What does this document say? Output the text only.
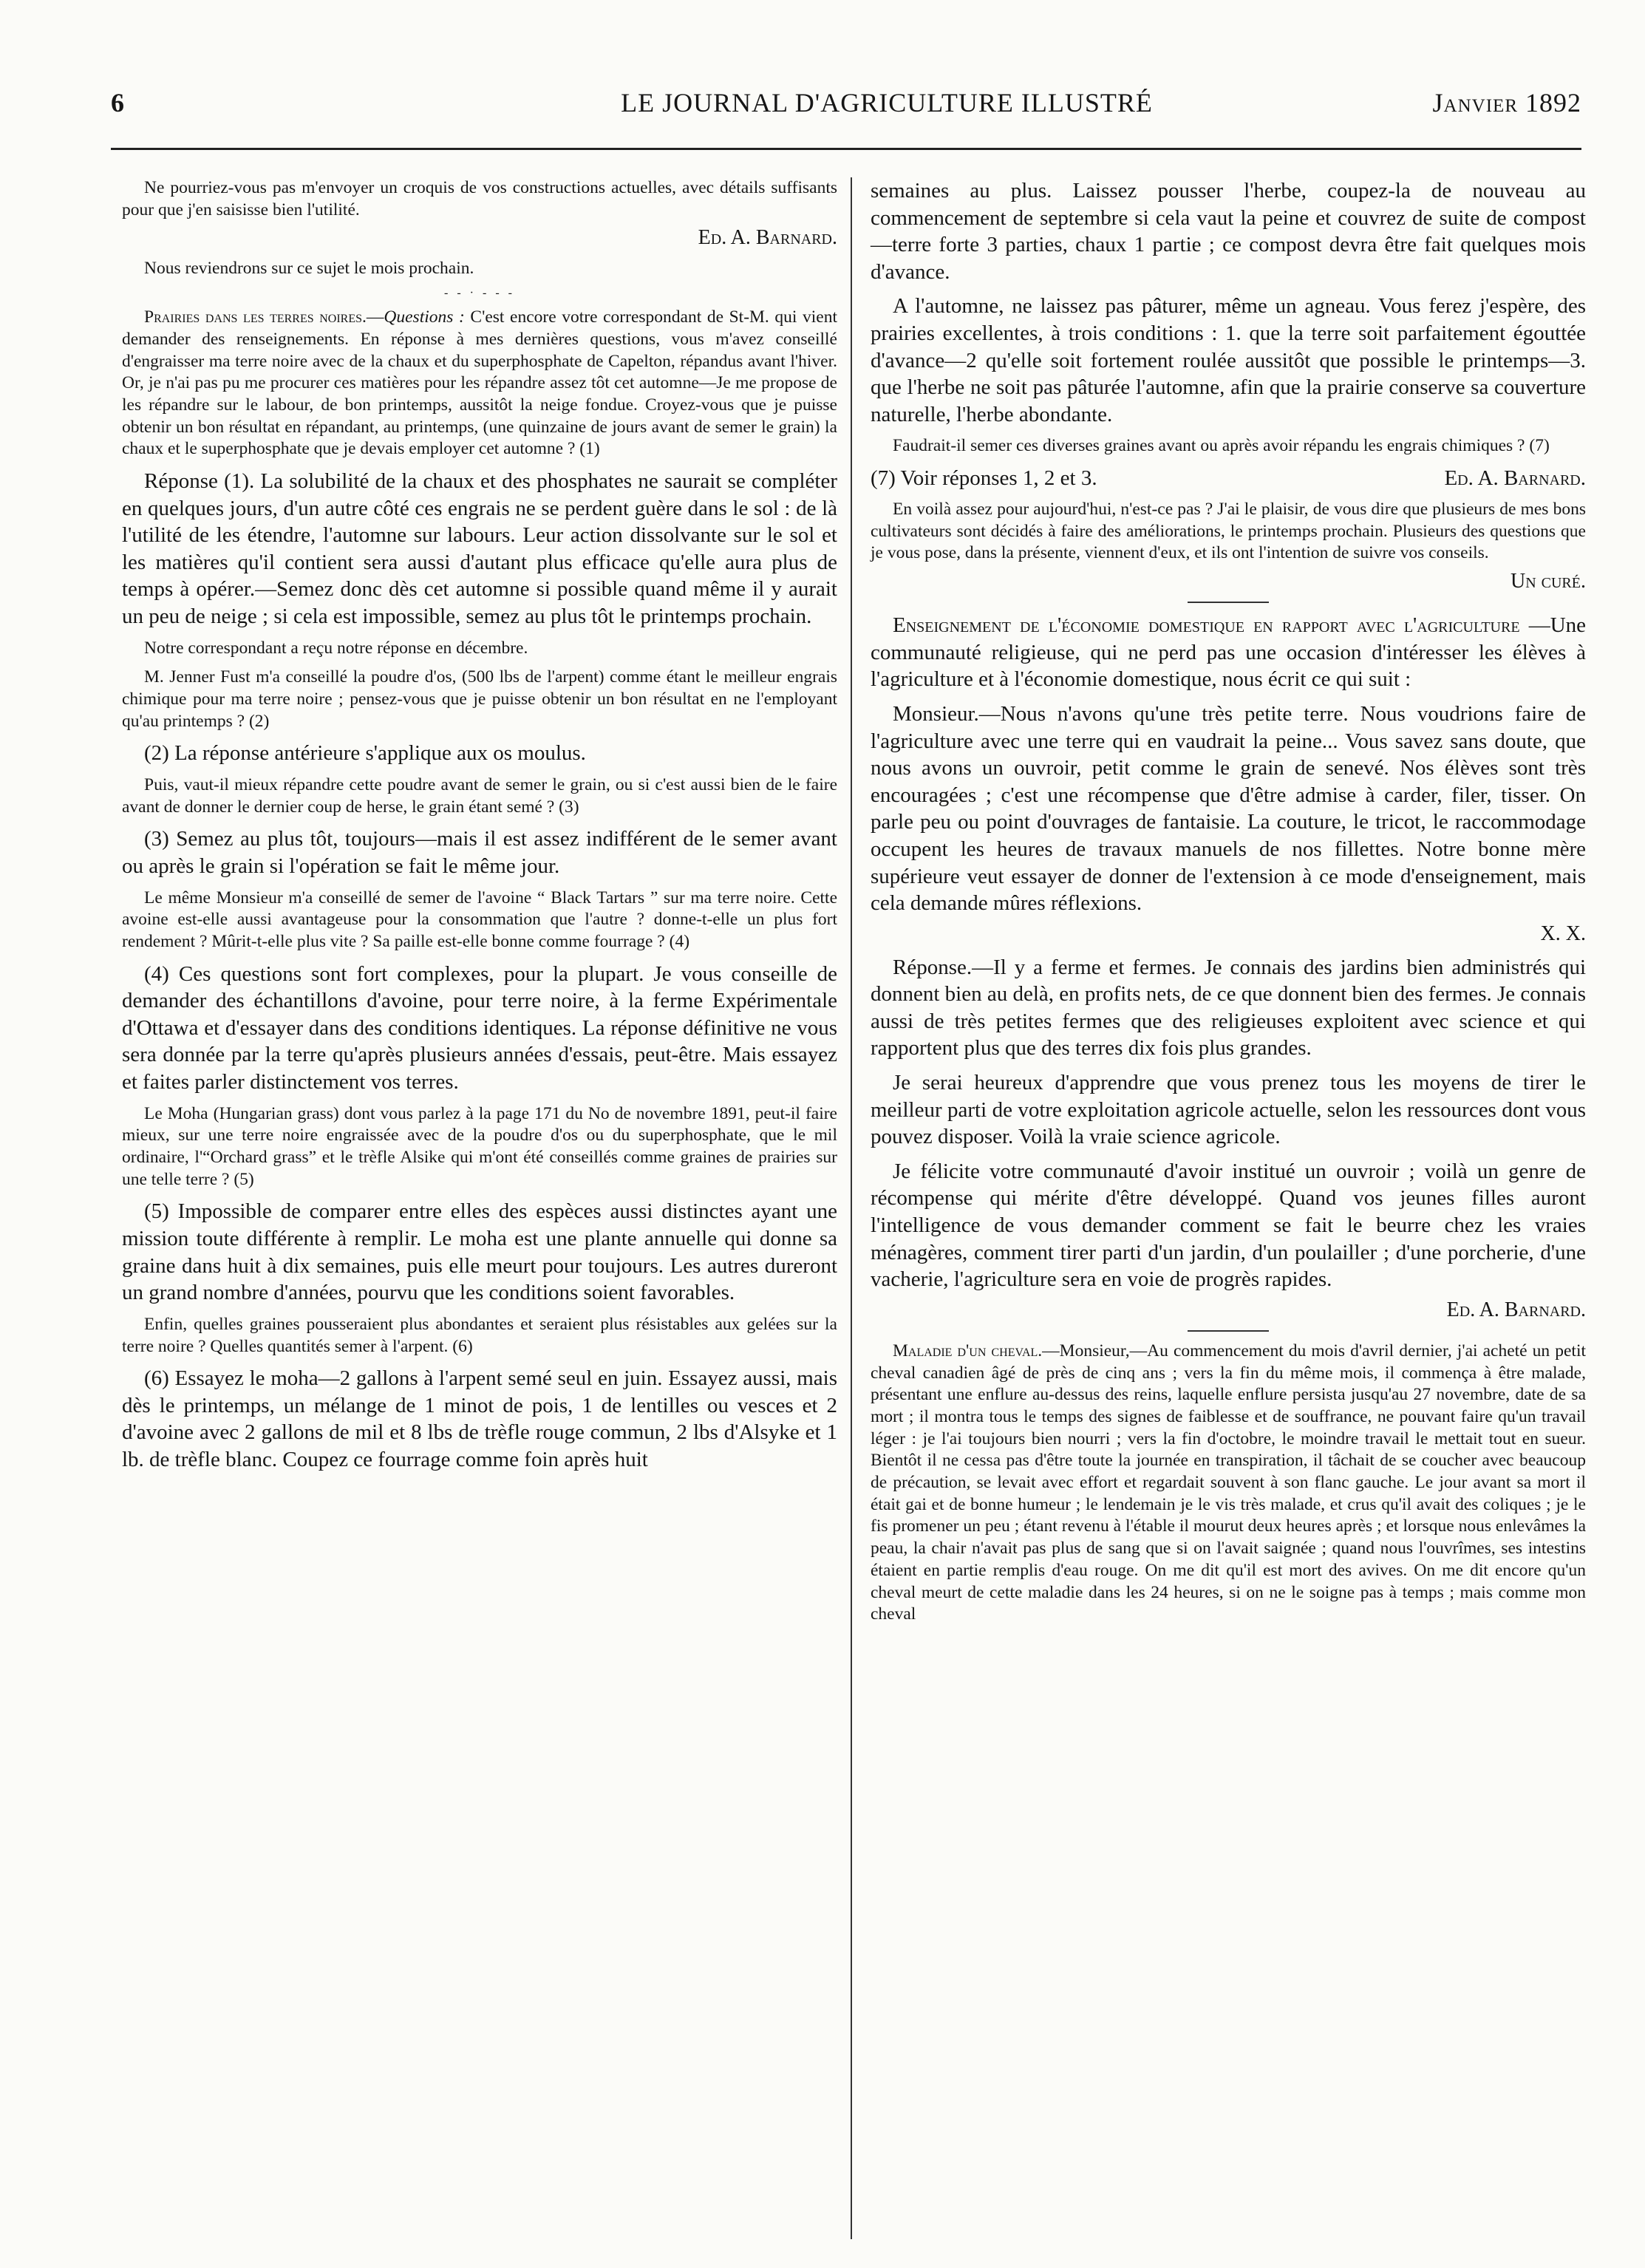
6	LE JOURNAL D'AGRICULTURE ILLUSTRÉ	Janvier 1892

Ne pourriez-vous pas m'envoyer un croquis de vos constructions actuelles, avec détails suffisants pour que j'en saisisse bien l'utilité.

Ed. A. Barnard.

Nous reviendrons sur ce sujet le mois prochain.

- - · - - -

Prairies dans les terres noires.—Questions : C'est encore votre correspondant de St-M. qui vient demander des renseignements. En réponse à mes dernières questions, vous m'avez conseillé d'engraisser ma terre noire avec de la chaux et du superphosphate de Capelton, répandus avant l'hiver. Or, je n'ai pas pu me procurer ces matières pour les répandre assez tôt cet automne—Je me propose de les répandre sur le labour, de bon printemps, aussitôt la neige fondue. Croyez-vous que je puisse obtenir un bon résultat en répandant, au printemps, (une quinzaine de jours avant de semer le grain) la chaux et le superphosphate que je devais employer cet automne ? (1)

Réponse (1). La solubilité de la chaux et des phosphates ne saurait se compléter en quelques jours, d'un autre côté ces engrais ne se perdent guère dans le sol : de là l'utilité de les étendre, l'automne sur labours. Leur action dissolvante sur le sol et les matières qu'il contient sera aussi d'autant plus efficace qu'elle aura plus de temps à opérer.—Semez donc dès cet automne si possible quand même il y aurait un peu de neige ; si cela est impossible, semez au plus tôt le printemps prochain.

Notre correspondant a reçu notre réponse en décembre.

M. Jenner Fust m'a conseillé la poudre d'os, (500 lbs de l'arpent) comme étant le meilleur engrais chimique pour ma terre noire ; pensez-vous que je puisse obtenir un bon résultat en ne l'employant qu'au printemps ? (2)

(2) La réponse antérieure s'applique aux os moulus.

Puis, vaut-il mieux répandre cette poudre avant de semer le grain, ou si c'est aussi bien de le faire avant de donner le dernier coup de herse, le grain étant semé ? (3)

(3) Semez au plus tôt, toujours—mais il est assez indifférent de le semer avant ou après le grain si l'opération se fait le même jour.

Le même Monsieur m'a conseillé de semer de l'avoine “ Black Tartars ” sur ma terre noire. Cette avoine est-elle aussi avantageuse pour la consommation que l'autre ? donne-t-elle un plus fort rendement ? Mûrit-t-elle plus vite ? Sa paille est-elle bonne comme fourrage ? (4)

(4) Ces questions sont fort complexes, pour la plupart. Je vous conseille de demander des échantillons d'avoine, pour terre noire, à la ferme Expérimentale d'Ottawa et d'essayer dans des conditions identiques. La réponse définitive ne vous sera donnée par la terre qu'après plusieurs années d'essais, peut-être. Mais essayez et faites parler distinctement vos terres.

Le Moha (Hungarian grass) dont vous parlez à la page 171 du No de novembre 1891, peut-il faire mieux, sur une terre noire engraissée avec de la poudre d'os ou du superphosphate, que le mil ordinaire, l'“Orchard grass” et le trèfle Alsike qui m'ont été conseillés comme graines de prairies sur une telle terre ? (5)

(5) Impossible de comparer entre elles des espèces aussi distinctes ayant une mission toute différente à remplir. Le moha est une plante annuelle qui donne sa graine dans huit à dix semaines, puis elle meurt pour toujours. Les autres dureront un grand nombre d'années, pourvu que les conditions soient favorables.

Enfin, quelles graines pousseraient plus abondantes et seraient plus résistables aux gelées sur la terre noire ? Quelles quantités semer à l'arpent. (6)

(6) Essayez le moha—2 gallons à l'arpent semé seul en juin. Essayez aussi, mais dès le printemps, un mélange de 1 minot de pois, 1 de lentilles ou vesces et 2 d'avoine avec 2 gallons de mil et 8 lbs de trèfle rouge commun, 2 lbs d'Alsyke et 1 lb. de trèfle blanc. Coupez ce fourrage comme foin après huit

semaines au plus. Laissez pousser l'herbe, coupez-la de nouveau au commencement de septembre si cela vaut la peine et couvrez de suite de compost—terre forte 3 parties, chaux 1 partie ; ce compost devra être fait quelques mois d'avance.

A l'automne, ne laissez pas pâturer, même un agneau. Vous ferez j'espère, des prairies excellentes, à trois conditions : 1. que la terre soit parfaitement égouttée d'avance—2 qu'elle soit fortement roulée aussitôt que possible le printemps—3. que l'herbe ne soit pas pâturée l'automne, afin que la prairie conserve sa couverture naturelle, l'herbe abondante.

Faudrait-il semer ces diverses graines avant ou après avoir répandu les engrais chimiques ? (7)

(7) Voir réponses 1, 2 et 3.	Ed. A. Barnard.

En voilà assez pour aujourd'hui, n'est-ce pas ? J'ai le plaisir, de vous dire que plusieurs de mes bons cultivateurs sont décidés à faire des améliorations, le printemps prochain. Plusieurs des questions que je vous pose, dans la présente, viennent d'eux, et ils ont l'intention de suivre vos conseils.

Un curé.

Enseignement de l'économie domestique en rapport avec l'agriculture —Une communauté religieuse, qui ne perd pas une occasion d'intéresser les élèves à l'agriculture et à l'économie domestique, nous écrit ce qui suit :

Monsieur.—Nous n'avons qu'une très petite terre. Nous voudrions faire de l'agriculture avec une terre qui en vaudrait la peine... Vous savez sans doute, que nous avons un ouvroir, petit comme le grain de senevé. Nos élèves sont très encouragées ; c'est une récompense que d'être admise à carder, filer, tisser. On parle peu ou point d'ouvrages de fantaisie. La couture, le tricot, le raccommodage occupent les heures de travaux manuels de nos fillettes. Notre bonne mère supérieure veut essayer de donner de l'extension à ce mode d'enseignement, mais cela demande mûres réflexions.

X. X.

Réponse.—Il y a ferme et fermes. Je connais des jardins bien administrés qui donnent bien au delà, en profits nets, de ce que donnent bien des fermes. Je connais aussi de très petites fermes que des religieuses exploitent avec science et qui rapportent plus que des terres dix fois plus grandes.

Je serai heureux d'apprendre que vous prenez tous les moyens de tirer le meilleur parti de votre exploitation agricole actuelle, selon les ressources dont vous pouvez disposer. Voilà la vraie science agricole.

Je félicite votre communauté d'avoir institué un ouvroir ; voilà un genre de récompense qui mérite d'être développé. Quand vos jeunes filles auront l'intelligence de vous demander comment se fait le beurre chez les vraies ménagères, comment tirer parti d'un jardin, d'un poulailler ; d'une porcherie, d'une vacherie, l'agriculture sera en voie de progrès rapides.

Ed. A. Barnard.

Maladie d'un cheval.—Monsieur,—Au commencement du mois d'avril dernier, j'ai acheté un petit cheval canadien âgé de près de cinq ans ; vers la fin du même mois, il commença à être malade, présentant une enflure au-dessus des reins, laquelle enflure persista jusqu'au 27 novembre, date de sa mort ; il montra tous le temps des signes de faiblesse et de souffrance, ne pouvant faire qu'un travail léger : je l'ai toujours bien nourri ; vers la fin d'octobre, le moindre travail le mettait tout en sueur. Bientôt il ne cessa pas d'être toute la journée en transpiration, il tâchait de se coucher avec beaucoup de précaution, se levait avec effort et regardait souvent à son flanc gauche. Le jour avant sa mort il était gai et de bonne humeur ; le lendemain je le vis très malade, et crus qu'il avait des coliques ; je le fis promener un peu ; étant revenu à l'étable il mourut deux heures après ; et lorsque nous enlevâmes la peau, la chair n'avait pas plus de sang que si on l'avait saignée ; quand nous l'ouvrîmes, ses intestins étaient en partie remplis d'eau rouge. On me dit qu'il est mort des avives. On me dit encore qu'un cheval meurt de cette maladie dans les 24 heures, si on ne le soigne pas à temps ; mais comme mon cheval
